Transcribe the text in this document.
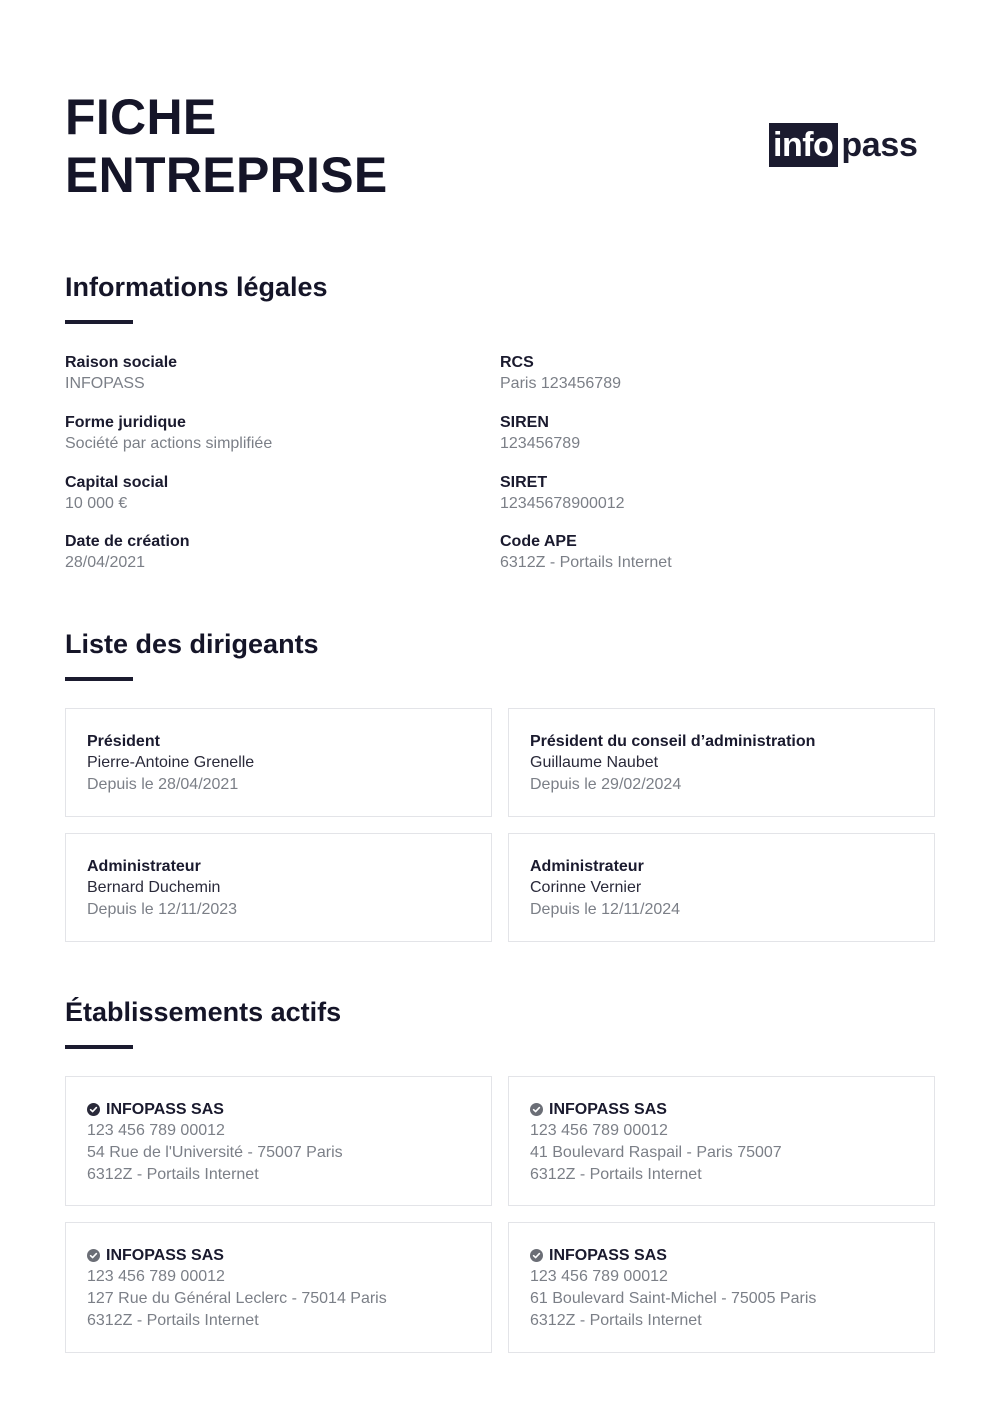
FICHE
ENTREPRISE
info pass
Informations légales
Raison sociale
INFOPASS
Forme juridique
Société par actions simplifiée
Capital social
10 000 €
Date de création
28/04/2021
RCS
Paris 123456789
SIREN
123456789
SIRET
12345678900012
Code APE
6312Z - Portails Internet
Liste des dirigeants
Président
Pierre-Antoine Grenelle
Depuis le 28/04/2021
Président du conseil d’administration
Guillaume Naubet
Depuis le 29/02/2024
Administrateur
Bernard Duchemin
Depuis le 12/11/2023
Administrateur
Corinne Vernier
Depuis le 12/11/2024
Établissements actifs
INFOPASS SAS
123 456 789 00012
54 Rue de l'Université - 75007 Paris
6312Z - Portails Internet
INFOPASS SAS
123 456 789 00012
41 Boulevard Raspail - Paris 75007
6312Z - Portails Internet
INFOPASS SAS
123 456 789 00012
127 Rue du Général Leclerc - 75014 Paris
6312Z - Portails Internet
INFOPASS SAS
123 456 789 00012
61 Boulevard Saint-Michel - 75005 Paris
6312Z - Portails Internet
